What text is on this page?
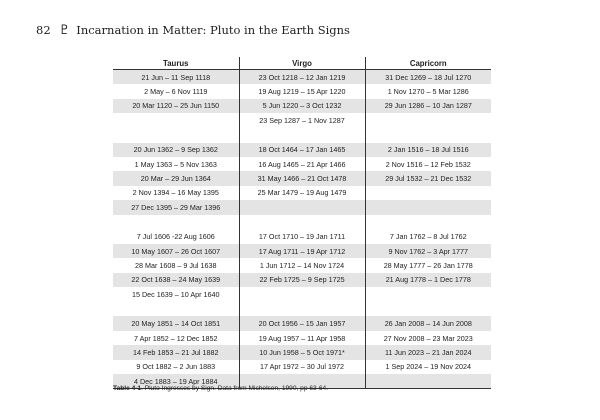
82 ♇ Incarnation in Matter: Pluto in the Earth Signs
Taurus	Virgo	Capricorn
21 Jun – 11 Sep 1118	23 Oct 1218 – 12 Jan 1219	31 Dec 1269 – 18 Jul 1270
2 May – 6 Nov 1119	19 Aug 1219 – 15 Apr 1220	1 Nov 1270 – 5 Mar 1286
20 Mar 1120 – 25 Jun 1150	5 Jun 1220 – 3 Oct 1232	29 Jun 1286 – 10 Jan 1287
	23 Sep 1287 – 1 Nov 1287	

20 Jun 1362 – 9 Sep 1362	18 Oct 1464 – 17 Jan 1465	2 Jan 1516 – 18 Jul 1516
1 May 1363 – 5 Nov 1363	16 Aug 1465 – 21 Apr 1466	2 Nov 1516 – 12 Feb 1532
20 Mar – 29 Jun 1364	31 May 1466 – 21 Oct 1478	29 Jul 1532 – 21 Dec 1532
2 Nov 1394 – 16 May 1395	25 Mar 1479 – 19 Aug 1479	
27 Dec 1395 – 29 Mar 1396		

7 Jul 1606 -22 Aug 1606	17 Oct 1710 – 19 Jan 1711	7 Jan 1762 – 8 Jul 1762
10 May 1607 – 26 Oct 1607	17 Aug 1711 – 19 Apr 1712	9 Nov 1762 – 3 Apr 1777
28 Mar 1608 – 9 Jul 1638	1 Jun 1712 – 14 Nov 1724	28 May 1777 – 26 Jan 1778
22 Oct 1638 – 24 May 1639	22 Feb 1725 – 9 Sep 1725	21 Aug 1778 – 1 Dec 1778
15 Dec 1639 – 10 Apr 1640		

20 May 1851 – 14 Oct 1851	20 Oct 1956 – 15 Jan 1957	26 Jan 2008 – 14 Jun 2008
7 Apr 1852 – 12 Dec 1852	19 Aug 1957 – 11 Apr 1958	27 Nov 2008 – 23 Mar 2023
14 Feb 1853 – 21 Jul 1882	10 Jun 1958 – 5 Oct 1971*	11 Jun 2023 – 21 Jan 2024
9 Oct 1882 – 2 Jun 1883	17 Apr 1972 – 30 Jul 1972	1 Sep 2024 – 19 Nov 2024
4 Dec 1883 – 19 Apr 1884		
Table 4-1. Pluto Ingresses by Sign. Data from Michelsen, 1990, pp 63-64.
